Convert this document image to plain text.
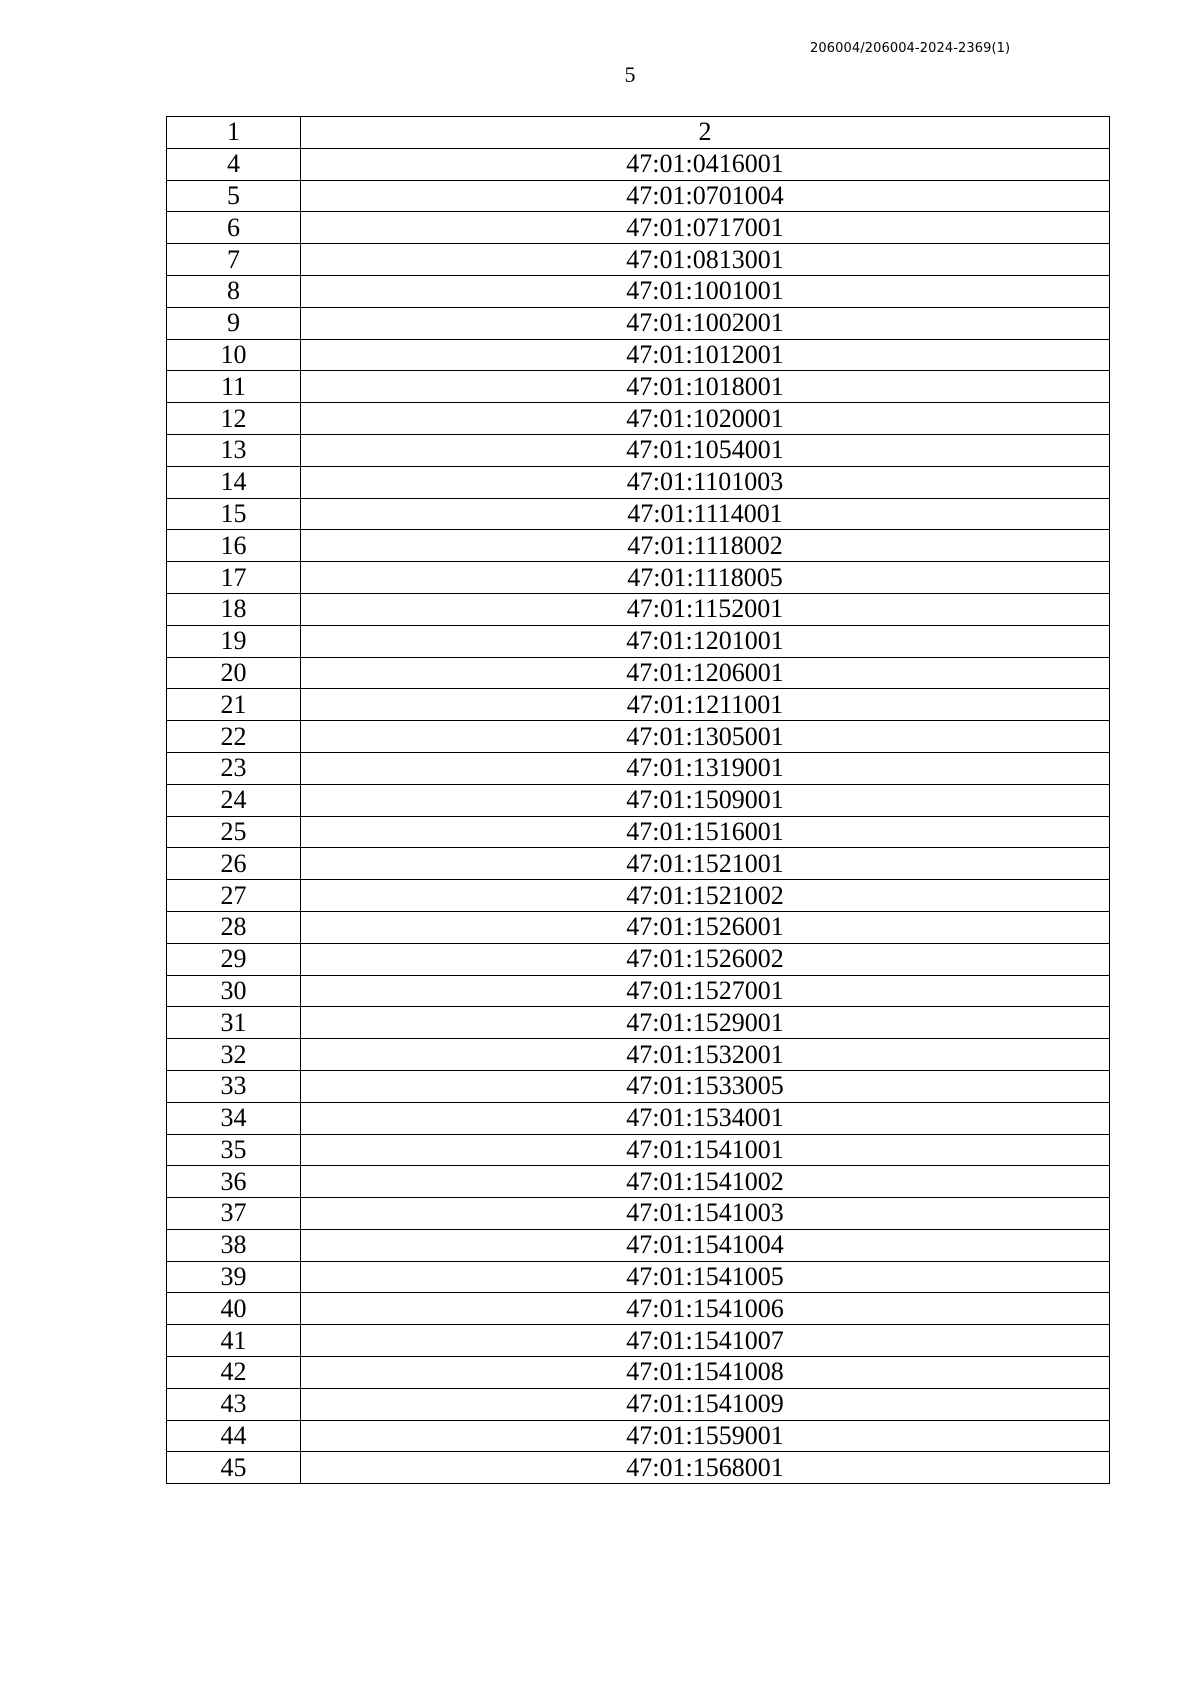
206004/206004-2024-2369(1)
5
1	2
4	47:01:0416001
5	47:01:0701004
6	47:01:0717001
7	47:01:0813001
8	47:01:1001001
9	47:01:1002001
10	47:01:1012001
11	47:01:1018001
12	47:01:1020001
13	47:01:1054001
14	47:01:1101003
15	47:01:1114001
16	47:01:1118002
17	47:01:1118005
18	47:01:1152001
19	47:01:1201001
20	47:01:1206001
21	47:01:1211001
22	47:01:1305001
23	47:01:1319001
24	47:01:1509001
25	47:01:1516001
26	47:01:1521001
27	47:01:1521002
28	47:01:1526001
29	47:01:1526002
30	47:01:1527001
31	47:01:1529001
32	47:01:1532001
33	47:01:1533005
34	47:01:1534001
35	47:01:1541001
36	47:01:1541002
37	47:01:1541003
38	47:01:1541004
39	47:01:1541005
40	47:01:1541006
41	47:01:1541007
42	47:01:1541008
43	47:01:1541009
44	47:01:1559001
45	47:01:1568001
